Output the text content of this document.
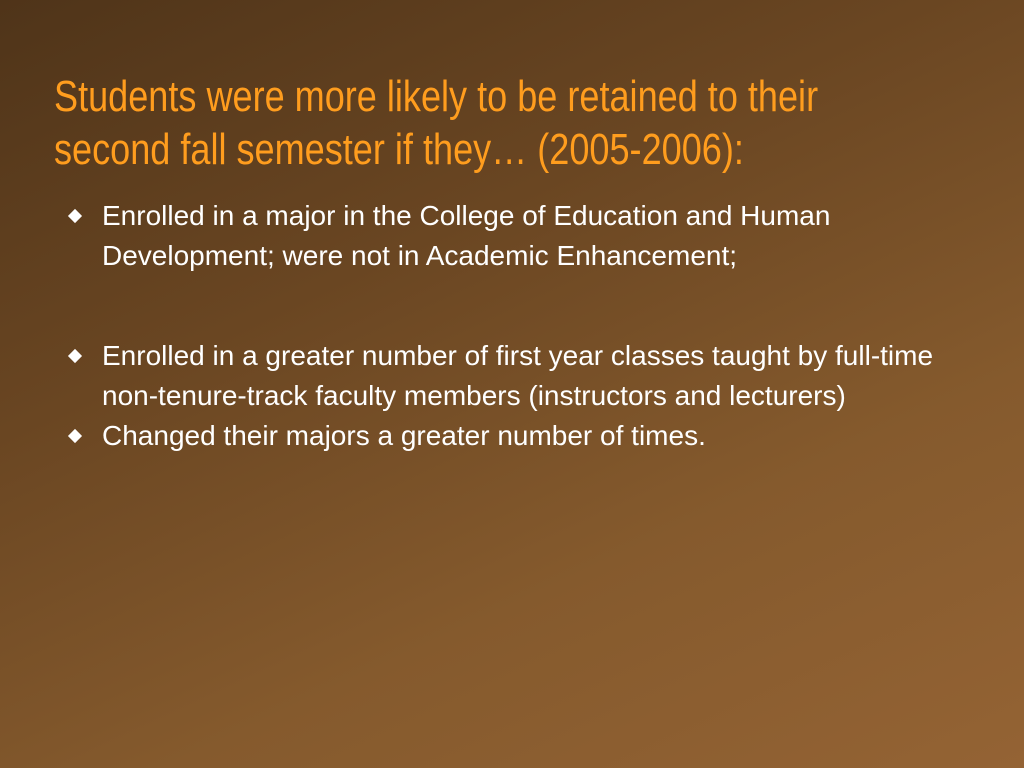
Students were more likely to be retained to their
second fall semester if they… (2005-2006):
Enrolled in a major in the College of Education and Human Development; were not in Academic Enhancement;
Enrolled in a greater number of first year classes taught by full-time non-tenure-track faculty members (instructors and lecturers)
Changed their majors a greater number of times.
